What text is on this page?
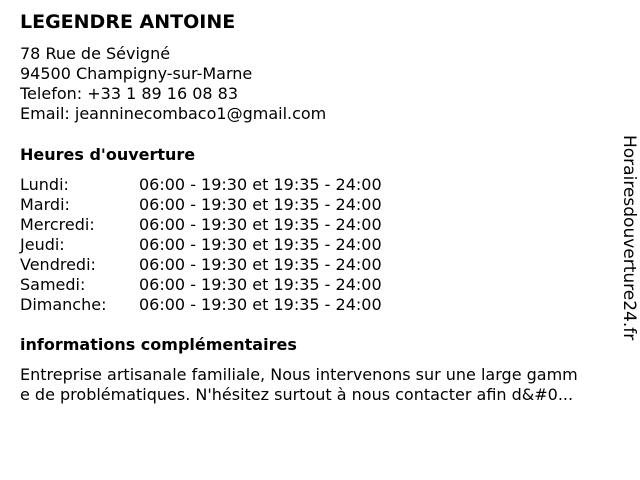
LEGENDRE ANTOINE
78 Rue de Sévigné
94500 Champigny-sur-Marne
Telefon: +33 1 89 16 08 83
Email: jeanninecombaco1@gmail.com
Heures d'ouverture
Lundi:	06:00 - 19:30 et 19:35 - 24:00
Mardi:	06:00 - 19:30 et 19:35 - 24:00
Mercredi:	06:00 - 19:30 et 19:35 - 24:00
Jeudi:	06:00 - 19:30 et 19:35 - 24:00
Vendredi:	06:00 - 19:30 et 19:35 - 24:00
Samedi:	06:00 - 19:30 et 19:35 - 24:00
Dimanche: 06:00 - 19:30 et 19:35 - 24:00
informations complémentaires
Entreprise artisanale familiale, Nous intervenons sur une large gamm
e de problématiques. N'hésitez surtout à nous contacter afin d&#0...
Horairesdouverture24.fr
